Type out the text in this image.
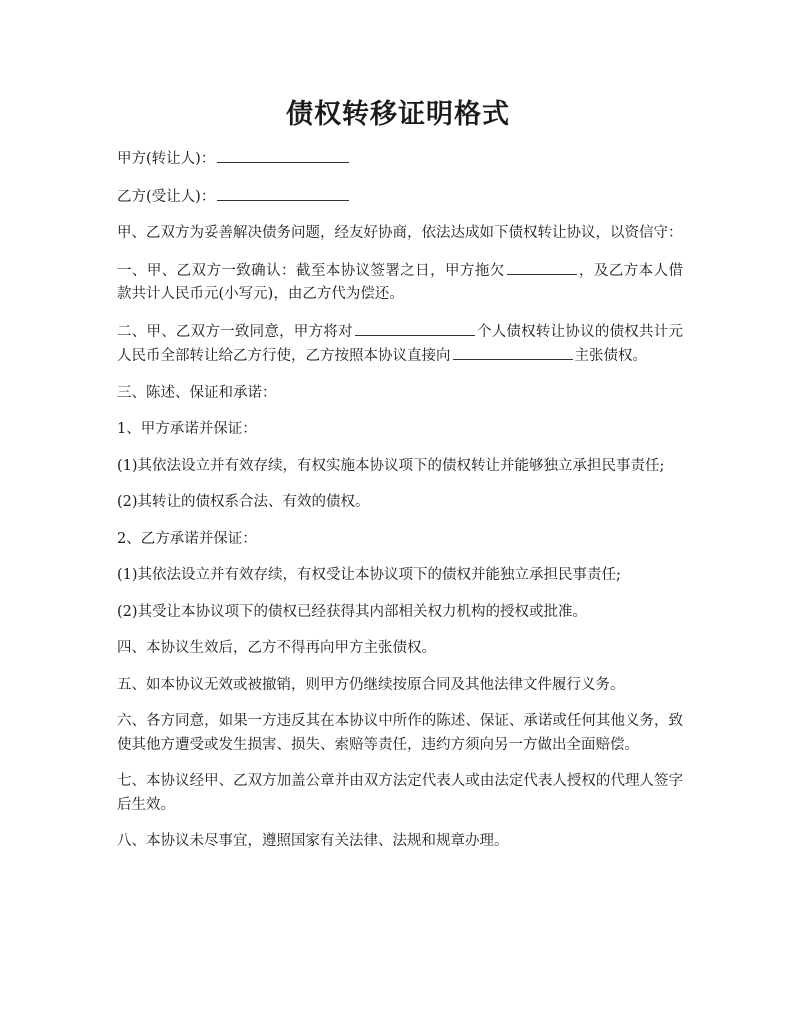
债权转移证明格式

甲方(转让人)：

乙方(受让人)：

甲、乙双方为妥善解决债务问题，经友好协商，依法达成如下债权转让协议，以资信守：

一、甲、乙双方一致确认：截至本协议签署之日，甲方拖欠	，及乙方本人借款共计人民币元(小写元)，由乙方代为偿还。

二、甲、乙双方一致同意，甲方将对	个人债权转让协议的债权共计元人民币全部转让给乙方行使，乙方按照本协议直接向	主张债权。

三、陈述、保证和承诺：

1、甲方承诺并保证：

(1)其依法设立并有效存续，有权实施本协议项下的债权转让并能够独立承担民事责任;

(2)其转让的债权系合法、有效的债权。

2、乙方承诺并保证：

(1)其依法设立并有效存续，有权受让本协议项下的债权并能独立承担民事责任;

(2)其受让本协议项下的债权已经获得其内部相关权力机构的授权或批准。

四、本协议生效后，乙方不得再向甲方主张债权。

五、如本协议无效或被撤销，则甲方仍继续按原合同及其他法律文件履行义务。

六、各方同意，如果一方违反其在本协议中所作的陈述、保证、承诺或任何其他义务，致使其他方遭受或发生损害、损失、索赔等责任，违约方须向另一方做出全面赔偿。

七、本协议经甲、乙双方加盖公章并由双方法定代表人或由法定代表人授权的代理人签字后生效。

八、本协议未尽事宜，遵照国家有关法律、法规和规章办理。
